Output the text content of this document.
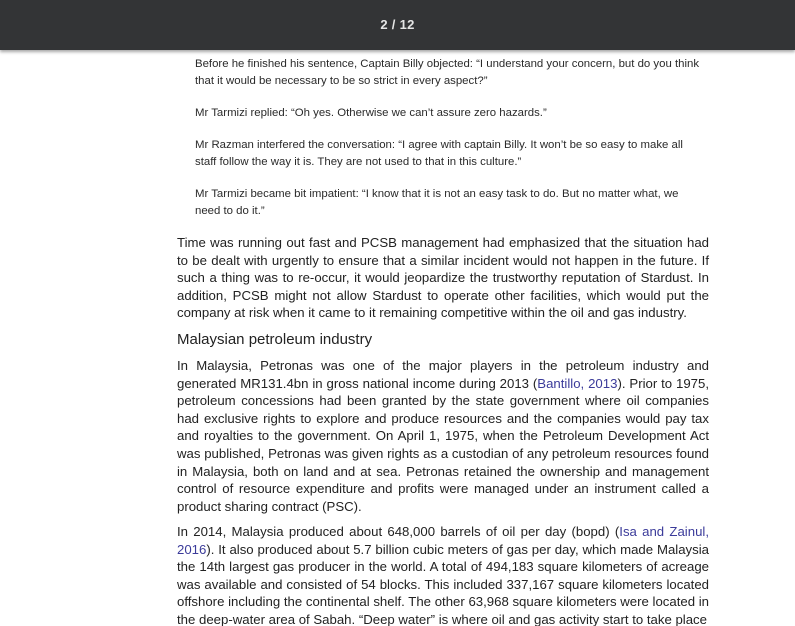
2 / 12

Before he finished his sentence, Captain Billy objected: “I understand your concern, but do you think that it would be necessary to be so strict in every aspect?”

Mr Tarmizi replied: “Oh yes. Otherwise we can’t assure zero hazards.”

Mr Razman interfered the conversation: “I agree with captain Billy. It won’t be so easy to make all staff follow the way it is. They are not used to that in this culture.”

Mr Tarmizi became bit impatient: “I know that it is not an easy task to do. But no matter what, we need to do it.”

Time was running out fast and PCSB management had emphasized that the situation had to be dealt with urgently to ensure that a similar incident would not happen in the future. If such a thing was to re-occur, it would jeopardize the trustworthy reputation of Stardust. In addition, PCSB might not allow Stardust to operate other facilities, which would put the company at risk when it came to it remaining competitive within the oil and gas industry.

Malaysian petroleum industry

In Malaysia, Petronas was one of the major players in the petroleum industry and generated MR131.4bn in gross national income during 2013 (Bantillo, 2013). Prior to 1975, petroleum concessions had been granted by the state government where oil companies had exclusive rights to explore and produce resources and the companies would pay tax and royalties to the government. On April 1, 1975, when the Petroleum Development Act was published, Petronas was given rights as a custodian of any petroleum resources found in Malaysia, both on land and at sea. Petronas retained the ownership and management control of resource expenditure and profits were managed under an instrument called a product sharing contract (PSC).

In 2014, Malaysia produced about 648,000 barrels of oil per day (bopd) (Isa and Zainul, 2016). It also produced about 5.7 billion cubic meters of gas per day, which made Malaysia the 14th largest gas producer in the world. A total of 494,183 square kilometers of acreage was available and consisted of 54 blocks. This included 337,167 square kilometers located offshore including the continental shelf. The other 63,968 square kilometers were located in the deep-water area of Sabah. “Deep water” is where oil and gas activity start to take place
